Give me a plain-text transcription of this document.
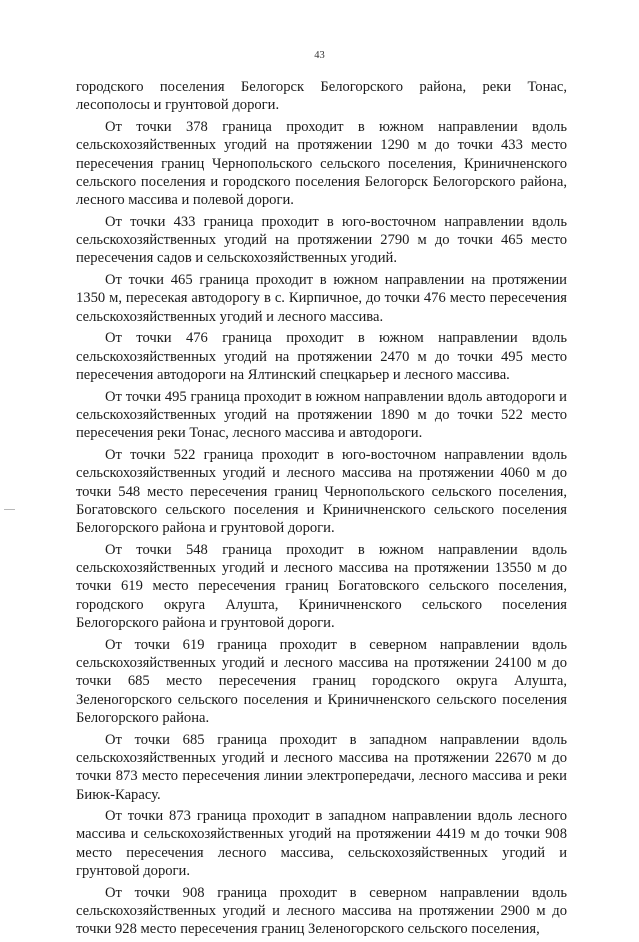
43

городского поселения Белогорск Белогорского района, реки Тонас, лесополосы и грунтовой дороги.

От точки 378 граница проходит в южном направлении вдоль сельскохозяйственных угодий на протяжении 1290 м до точки 433 место пересечения границ Чернопольского сельского поселения, Криничненского сельского поселения и городского поселения Белогорск Белогорского района, лесного массива и полевой дороги.

От точки 433 граница проходит в юго-восточном направлении вдоль сельскохозяйственных угодий на протяжении 2790 м до точки 465 место пересечения садов и сельскохозяйственных угодий.

От точки 465 граница проходит в южном направлении на протяжении 1350 м, пересекая автодорогу в с. Кирпичное, до точки 476 место пересечения сельскохозяйственных угодий и лесного массива.

От точки 476 граница проходит в южном направлении вдоль сельскохозяйственных угодий на протяжении 2470 м до точки 495 место пересечения автодороги на Ялтинский спецкарьер и лесного массива.

От точки 495 граница проходит в южном направлении вдоль автодороги и сельскохозяйственных угодий на протяжении 1890 м до точки 522 место пересечения реки Тонас, лесного массива и автодороги.

От точки 522 граница проходит в юго-восточном направлении вдоль сельскохозяйственных угодий и лесного массива на протяжении 4060 м до точки 548 место пересечения границ Чернопольского сельского поселения, Богатовского сельского поселения и Криничненского сельского поселения Белогорского района и грунтовой дороги.

От точки 548 граница проходит в южном направлении вдоль сельскохозяйственных угодий и лесного массива на протяжении 13550 м до точки 619 место пересечения границ Богатовского сельского поселения, городского округа Алушта, Криничненского сельского поселения Белогорского района и грунтовой дороги.

От точки 619 граница проходит в северном направлении вдоль сельскохозяйственных угодий и лесного массива на протяжении 24100 м до точки 685 место пересечения границ городского округа Алушта, Зеленогорского сельского поселения и Криничненского сельского поселения Белогорского района.

От точки 685 граница проходит в западном направлении вдоль сельскохозяйственных угодий и лесного массива на протяжении 22670 м до точки 873 место пересечения линии электропередачи, лесного массива и реки Биюк-Карасу.

От точки 873 граница проходит в западном направлении вдоль лесного массива и сельскохозяйственных угодий на протяжении 4419 м до точки 908 место пересечения лесного массива, сельскохозяйственных угодий и грунтовой дороги.

От точки 908 граница проходит в северном направлении вдоль сельскохозяйственных угодий и лесного массива на протяжении 2900 м до точки 928 место пересечения границ Зеленогорского сельского поселения,
